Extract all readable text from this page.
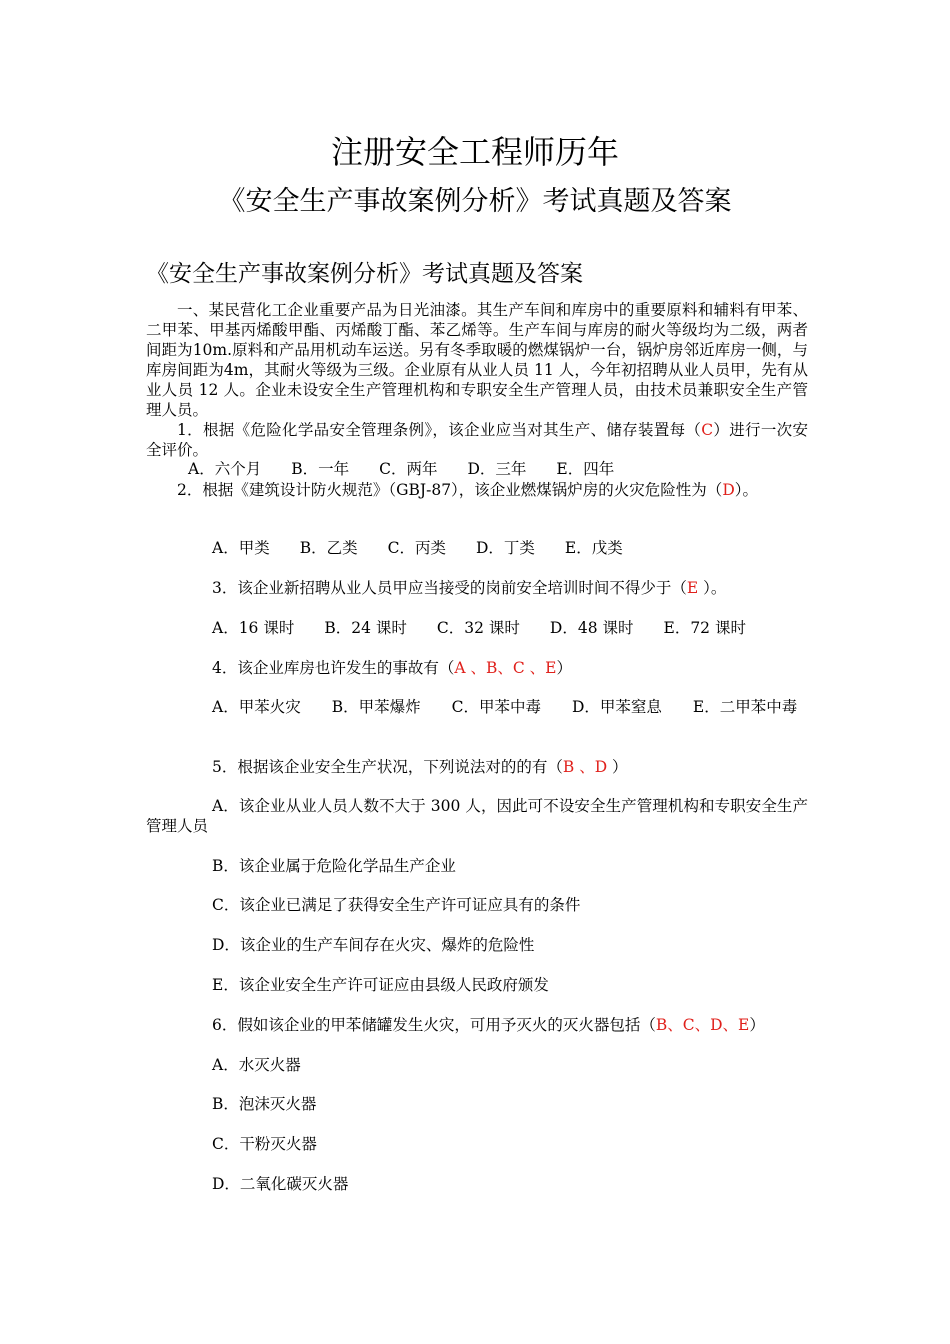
注册安全工程师历年
《安全生产事故案例分析》考试真题及答案
《安全生产事故案例分析》考试真题及答案
一、某民营化工企业重要产品为日光油漆。其生产车间和库房中的重要原料和辅料有甲苯、 二甲苯、甲基丙烯酸甲酯、丙烯酸丁酯、苯乙烯等。生产车间与库房的耐火等级均为二级，两者间距为10m.原料和产品用机动车运送。另有冬季取暖的燃煤锅炉一台，锅炉房邻近库房一侧，与库房间距为4m，其耐火等级为三级。企业原有从业人员 11 人，今年初招聘从业人员甲，先有从业人员 12 人。企业未设安全生产管理机构和专职安全生产管理人员，由技术员兼职安全生产管理人员。
1．根据《危险化学品安全管理条例》，该企业应当对其生产、储存装置每（C）进行一次安全评价。
A．六个月 B．一年 C．两年 D．三年 E．四年
2．根据《建筑设计防火规范》（GBJ-87），该企业燃煤锅炉房的火灾危险性为（D）。
A．甲类 B．乙类 C．丙类 D．丁类 E．戊类
3．该企业新招聘从业人员甲应当接受的岗前安全培训时间不得少于（E ）。
A．16 课时 B．24 课时 C．32 课时 D．48 课时 E．72 课时
4．该企业库房也许发生的事故有（A 、B、C 、E）
A．甲苯火灾　　B．甲苯爆炸　　C．甲苯中毒　　D．甲苯窒息　　E．二甲苯中毒
5．根据该企业安全生产状况，下列说法对的的有（B 、D ）
A．该企业从业人员人数不大于 300 人，因此可不设安全生产管理机构和专职安全生产管理人员
B．该企业属于危险化学品生产企业
C．该企业已满足了获得安全生产许可证应具有的条件
D．该企业的生产车间存在火灾、爆炸的危险性
E．该企业安全生产许可证应由县级人民政府颁发
6．假如该企业的甲苯储罐发生火灾，可用予灭火的灭火器包括（B、C、D、E）
A．水灭火器
B．泡沫灭火器
C．干粉灭火器
D．二氧化碳灭火器
